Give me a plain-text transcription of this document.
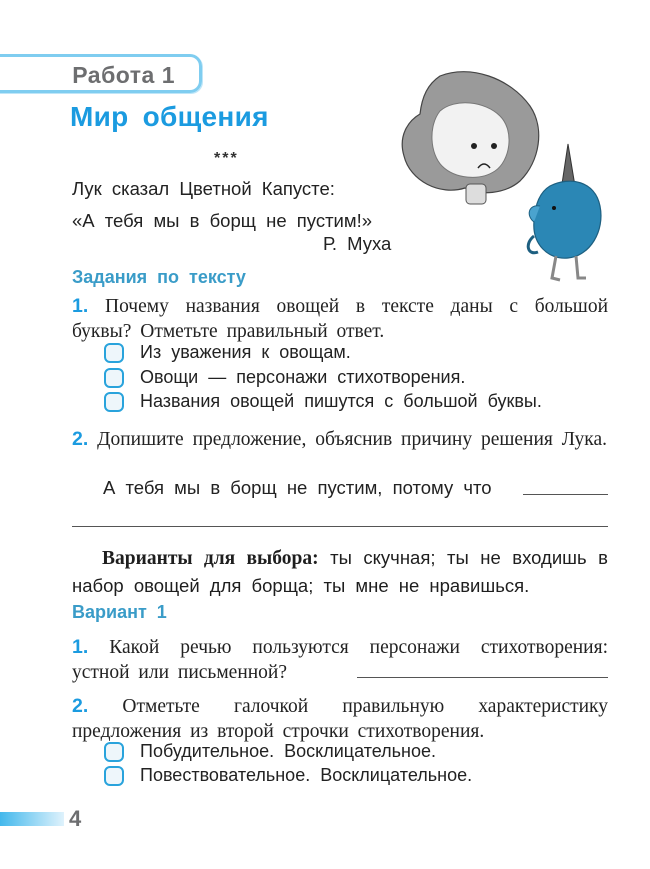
Работа 1
Мир общения
***
Лук сказал Цветной Капусте:
«А тебя мы в борщ не пустим!»
Р. Муха
Задания по тексту
1. Почему названия овощей в тексте даны с большой буквы? Отметьте правильный ответ.
Из уважения к овощам.
Овощи — персонажи стихотворения.
Названия овощей пишутся с большой буквы.
2. Допишите предложение, объяснив причину решения Лука.
А тебя мы в борщ не пустим, потому что
Варианты для выбора: ты скучная; ты не входишь в набор овощей для борща; ты мне не нравишься.
Вариант 1
1. Какой речью пользуются персонажи стихотворения: устной или письменной?
2. Отметьте галочкой правильную характеристику предложения из второй строчки стихотворения.
Побудительное. Восклицательное.
Повествовательное. Восклицательное.
4
